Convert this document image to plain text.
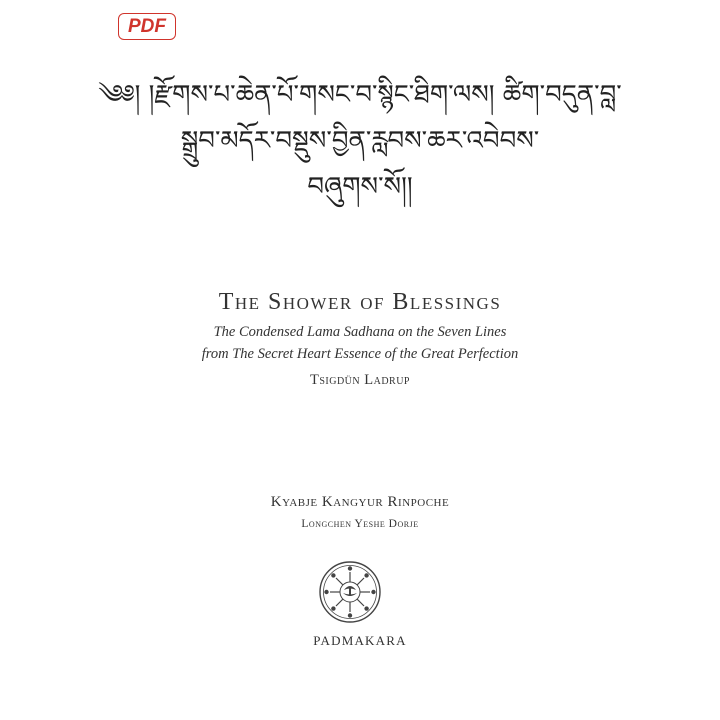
PDF
༄༅། །རྫོགས་པ་ཆེན་པོ་གསང་བ་སྙིང་ཐིག་ལས། ཚིག་བདུན་བླ་
སྒྲུབ་མདོར་བསྡུས་བྱིན་རླབས་ཆར་འབེབས་
བཞུགས་སོ།།
The Shower of Blessings
The Condensed Lama Sadhana on the Seven Lines
from The Secret Heart Essence of the Great Perfection
Tsigdün Ladrup
Kyabje Kangyur Rinpoche
Longchen Yeshe Dorje
PADMAKARA
